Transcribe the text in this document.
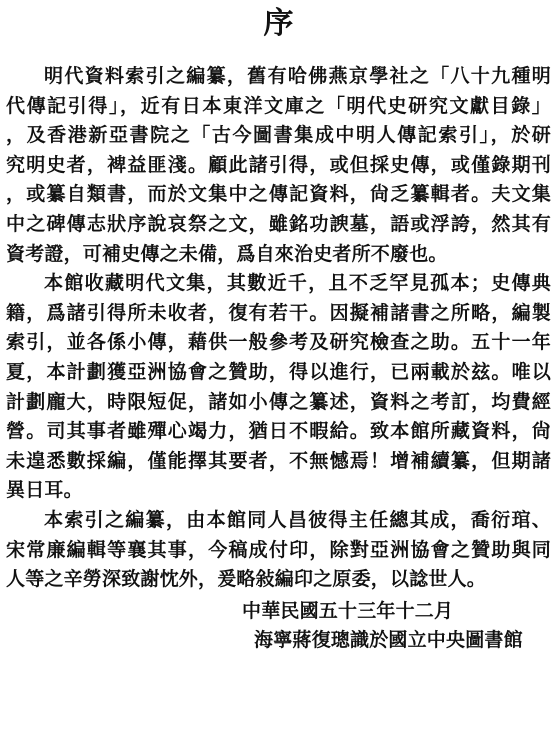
序
明代資料索引之編纂，舊有哈佛燕京學社之「八十九種明
代傳記引得」，近有日本東洋文庫之「明代史研究文獻目錄」
，及香港新亞書院之「古今圖書集成中明人傳記索引」，於研
究明史者，裨益匪淺。顧此諸引得，或但採史傳，或僅錄期刊
，或纂自類書，而於文集中之傳記資料，尙乏纂輯者。夫文集
中之碑傳志狀序說哀祭之文，雖銘功諛墓，語或浮誇，然其有
資考證，可補史傳之未備，爲自來治史者所不廢也。
本館收藏明代文集，其數近千，且不乏罕見孤本；史傳典
籍，爲諸引得所未收者，復有若干。因擬補諸書之所略，編製
索引，並各係小傳，藉供一般參考及研究檢查之助。五十一年
夏，本計劃獲亞洲協會之贊助，得以進行，已兩載於玆。唯以
計劃龐大，時限短促，諸如小傳之纂述，資料之考訂，均費經
營。司其事者雖殫心竭力，猶日不暇給。致本館所藏資料，尙
未遑悉數採編，僅能擇其要者，不無憾焉！增補續纂，但期諸
異日耳。
本索引之編纂，由本館同人昌彼得主任總其成，喬衍琯、
宋常廉編輯等襄其事，今稿成付印，除對亞洲協會之贊助與同
人等之辛勞深致謝忱外，爰略敍編印之原委，以諗世人。
中華民國五十三年十二月
海寧蔣復璁識於國立中央圖書館
